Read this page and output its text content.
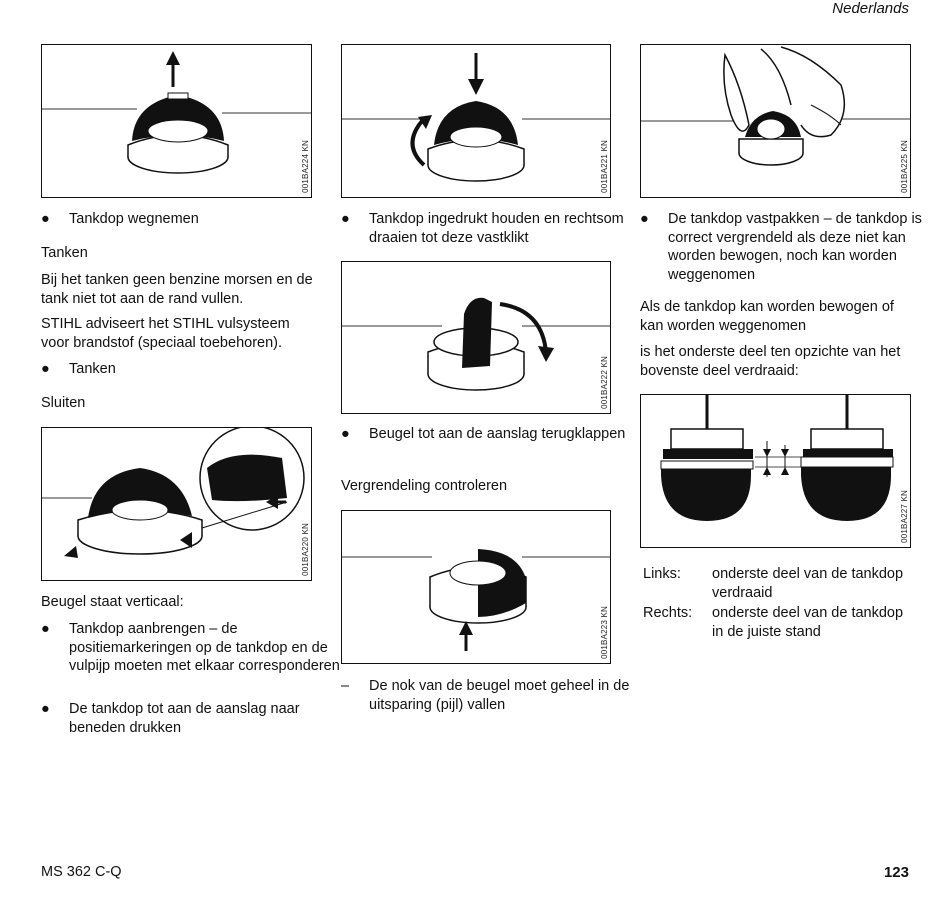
Nederlands
001BA224 KN
● Tankdop wegnemen
Tanken
Bij het tanken geen benzine morsen en de tank niet tot aan de rand vullen.
STIHL adviseert het STIHL vulsysteem voor brandstof (speciaal toebehoren).
● Tanken
Sluiten
001BA220 KN
Beugel staat verticaal:
● Tankdop aanbrengen – de positiemarkeringen op de tankdop en de vulpijp moeten met elkaar corresponderen
● De tankdop tot aan de aanslag naar beneden drukken
001BA221 KN
● Tankdop ingedrukt houden en rechtsom draaien tot deze vastklikt
001BA222 KN
● Beugel tot aan de aanslag terugklappen
Vergrendeling controleren
001BA223 KN
– De nok van de beugel moet geheel in de uitsparing (pijl) vallen
001BA225 KN
● De tankdop vastpakken – de tankdop is correct vergrendeld als deze niet kan worden bewogen, noch kan worden weggenomen
Als de tankdop kan worden bewogen of kan worden weggenomen
is het onderste deel ten opzichte van het bovenste deel verdraaid:
001BA227 KN
Links: onderste deel van de tankdop verdraaid
Rechts: onderste deel van de tankdop in de juiste stand
MS 362 C-Q	123
